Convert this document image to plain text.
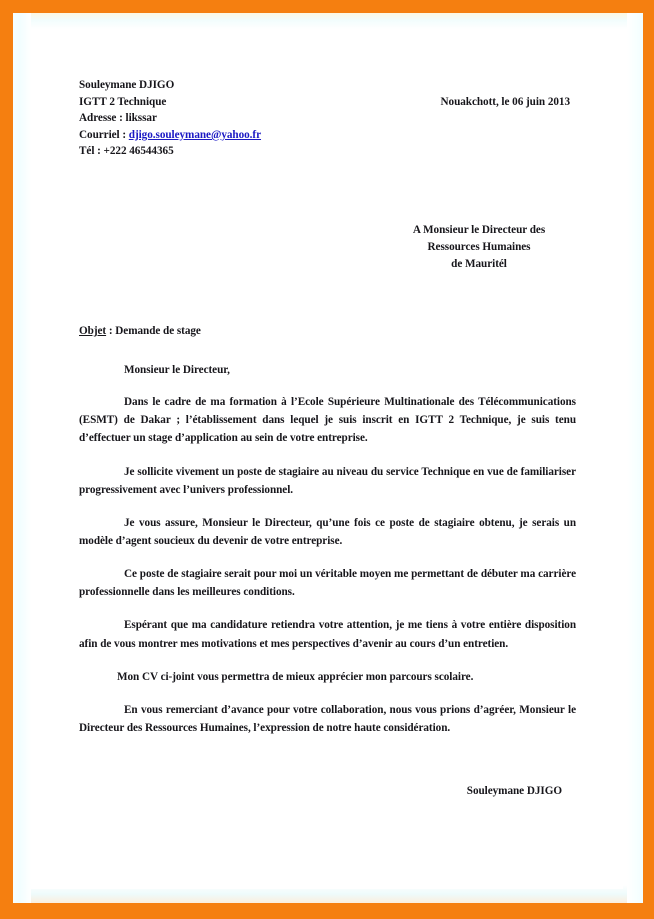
Souleymane DJIGO
IGTT 2 Technique
Adresse : likssar
Courriel : djigo.souleymane@yahoo.fr
Tél : +222 46544365
Nouakchott, le 06 juin 2013
A Monsieur le Directeur des
Ressources Humaines
de Mauritél
Objet : Demande de stage
Monsieur le Directeur,

Dans le cadre de ma formation à l’Ecole Supérieure Multinationale des Télécommunications (ESMT) de Dakar ; l’établissement dans lequel je suis inscrit en IGTT 2 Technique, je suis tenu d’effectuer un stage d’application au sein de votre entreprise.

Je sollicite vivement un poste de stagiaire au niveau du service Technique en vue de familiariser progressivement avec l’univers professionnel.

Je vous assure, Monsieur le Directeur, qu’une fois ce poste de stagiaire obtenu, je serais un modèle d’agent soucieux du devenir de votre entreprise.

Ce poste de stagiaire serait pour moi un véritable moyen me permettant de débuter ma carrière professionnelle dans les meilleures conditions.

Espérant que ma candidature retiendra votre attention, je me tiens à votre entière disposition afin de vous montrer mes motivations et mes perspectives d’avenir au cours d’un entretien.

Mon CV ci-joint vous permettra de mieux apprécier mon parcours scolaire.

En vous remerciant d’avance pour votre collaboration, nous vous prions d’agréer, Monsieur le Directeur des Ressources Humaines, l’expression de notre haute considération.

Souleymane DJIGO
